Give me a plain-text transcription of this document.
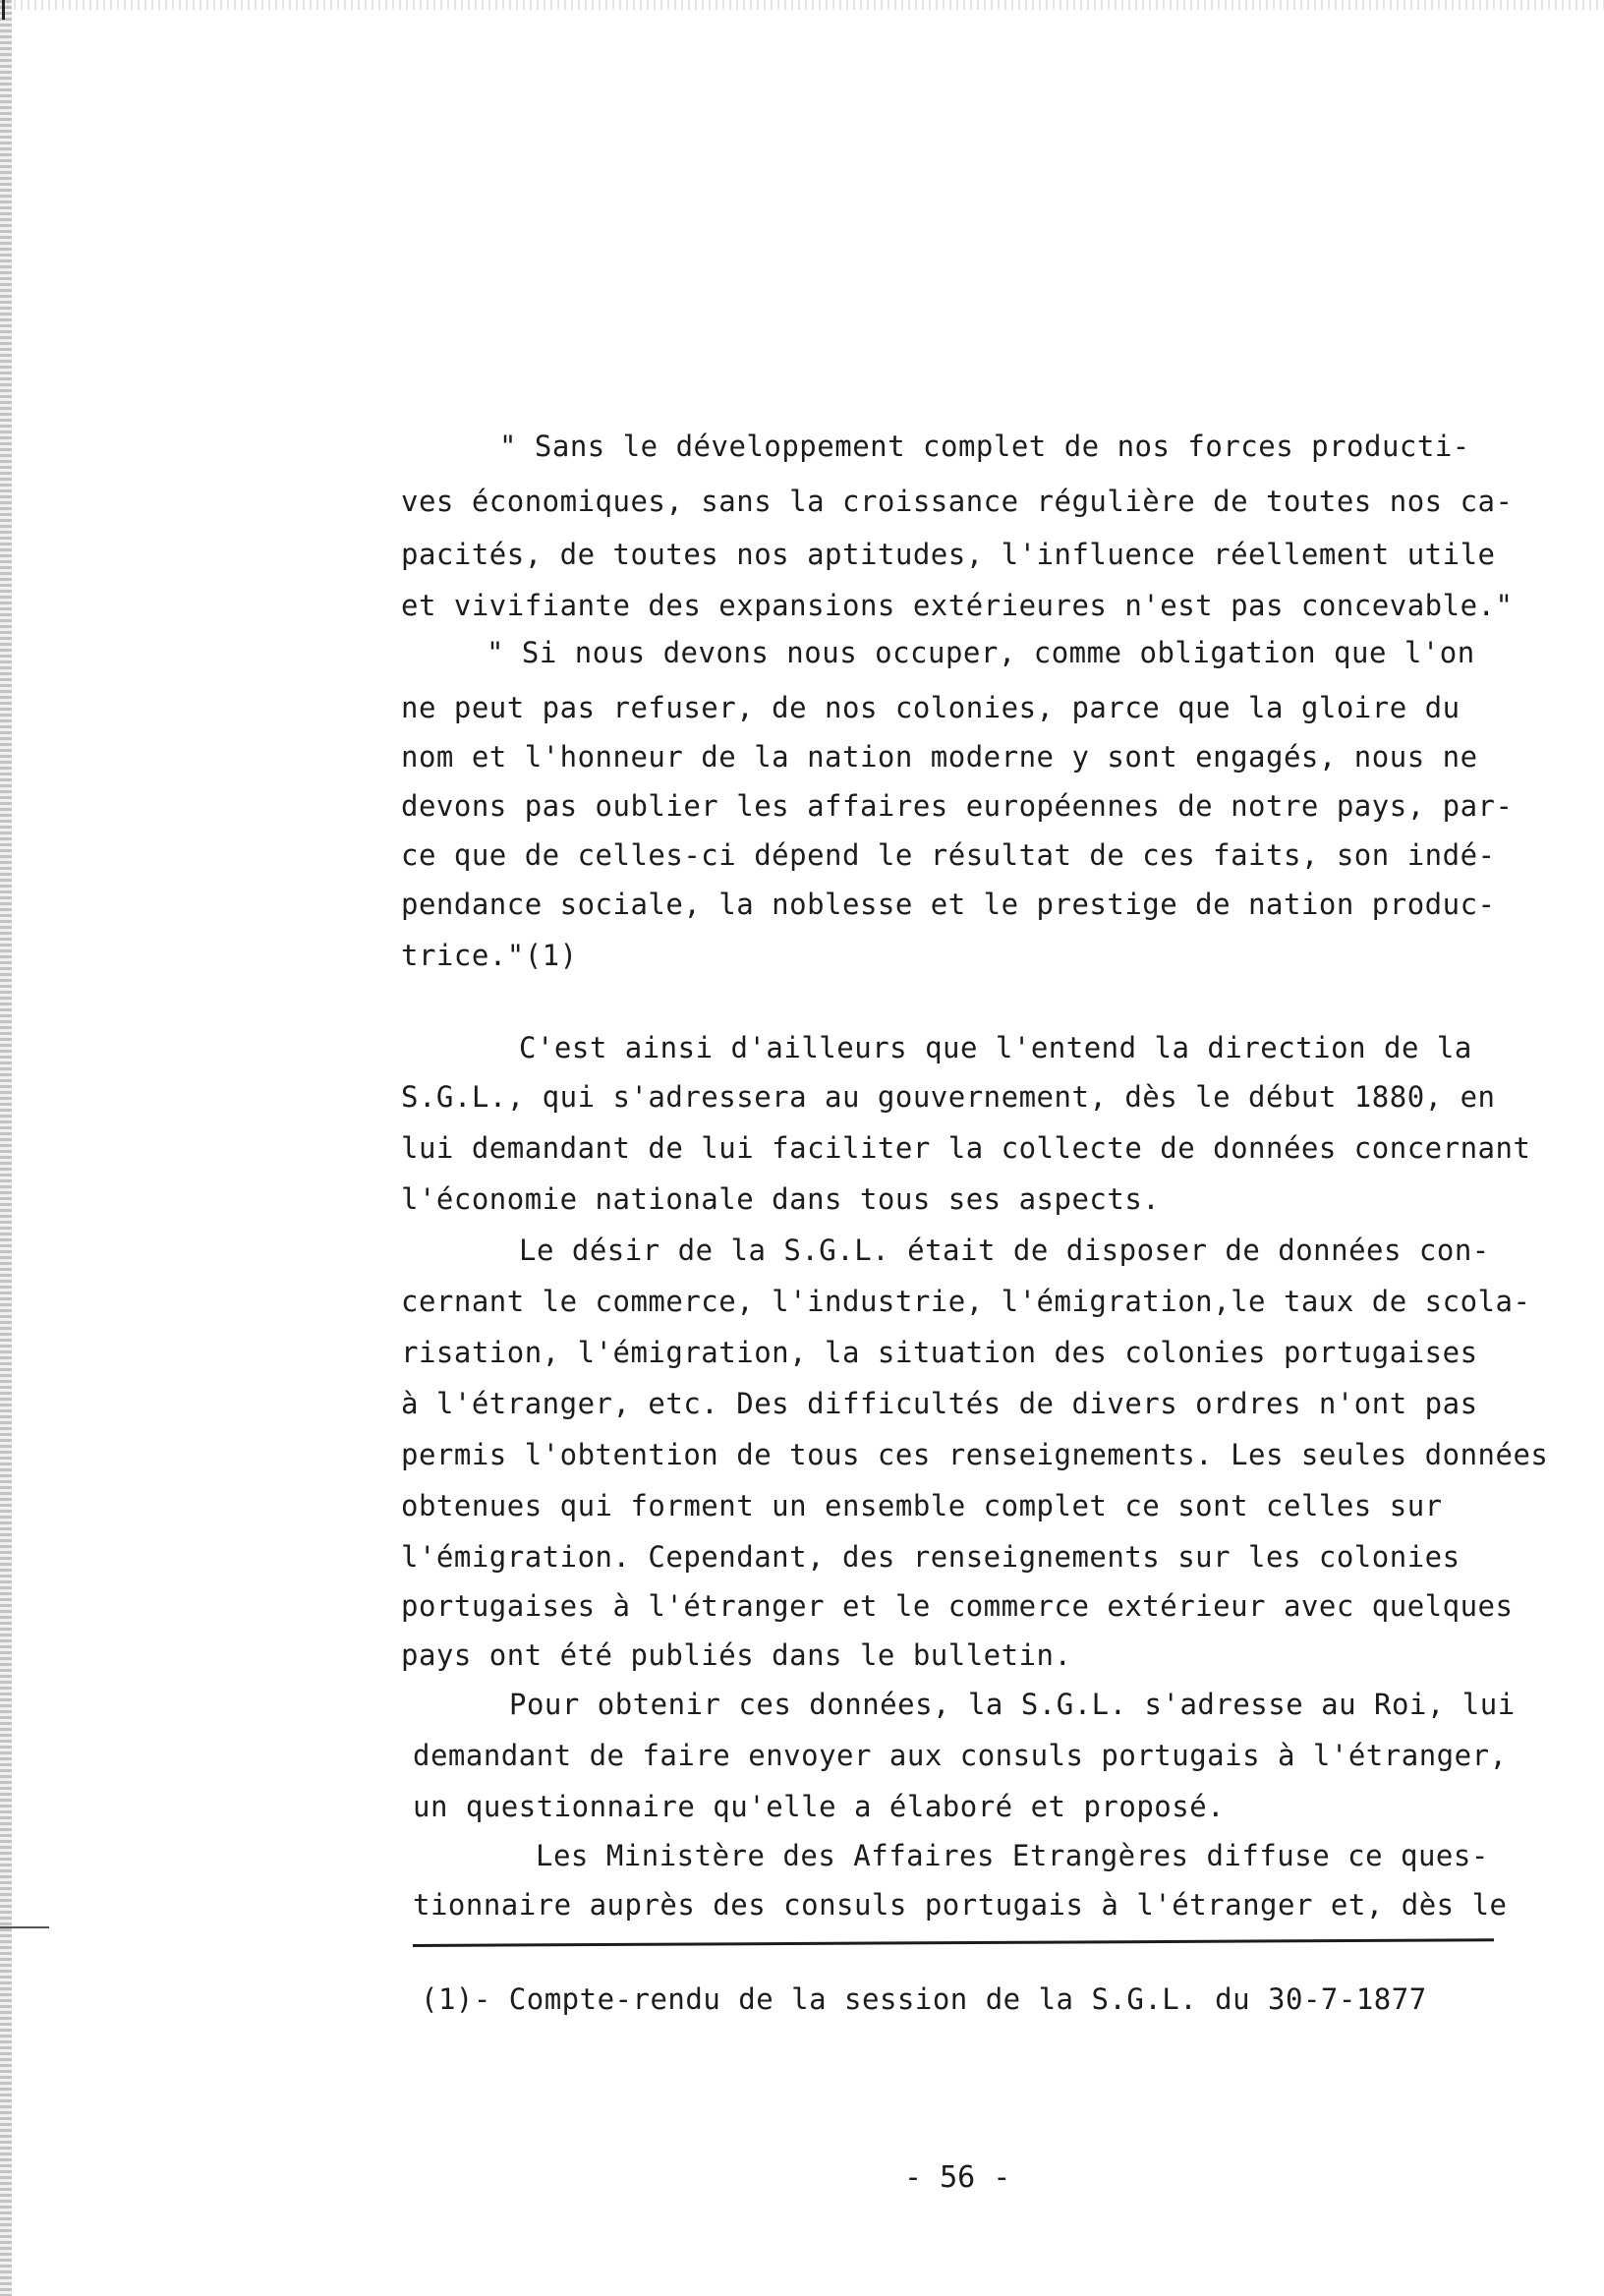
" Sans le développement complet de nos forces producti-
ves économiques, sans la croissance régulière de toutes nos ca-
pacités, de toutes nos aptitudes, l'influence réellement utile
et vivifiante des expansions extérieures n'est pas concevable."
" Si nous devons nous occuper, comme obligation que l'on
ne peut pas refuser, de nos colonies, parce que la gloire du
nom et l'honneur de la nation moderne y sont engagés, nous ne
devons pas oublier les affaires européennes de notre pays, par-
ce que de celles-ci dépend le résultat de ces faits, son indé-
pendance sociale, la noblesse et le prestige de nation produc-
trice."(1)
C'est ainsi d'ailleurs que l'entend la direction de la
S.G.L., qui s'adressera au gouvernement, dès le début 1880, en
lui demandant de lui faciliter la collecte de données concernant
l'économie nationale dans tous ses aspects.
Le désir de la S.G.L. était de disposer de données con-
cernant le commerce, l'industrie, l'émigration,le taux de scola-
risation, l'émigration, la situation des colonies portugaises
à l'étranger, etc. Des difficultés de divers ordres n'ont pas
permis l'obtention de tous ces renseignements. Les seules données
obtenues qui forment un ensemble complet ce sont celles sur
l'émigration. Cependant, des renseignements sur les colonies
portugaises à l'étranger et le commerce extérieur avec quelques
pays ont été publiés dans le bulletin.
Pour obtenir ces données, la S.G.L. s'adresse au Roi, lui
demandant de faire envoyer aux consuls portugais à l'étranger,
un questionnaire qu'elle a élaboré et proposé.
Les Ministère des Affaires Etrangères diffuse ce ques-
tionnaire auprès des consuls portugais à l'étranger et, dès le
(1)- Compte-rendu de la session de la S.G.L. du 30-7-1877
- 56 -
